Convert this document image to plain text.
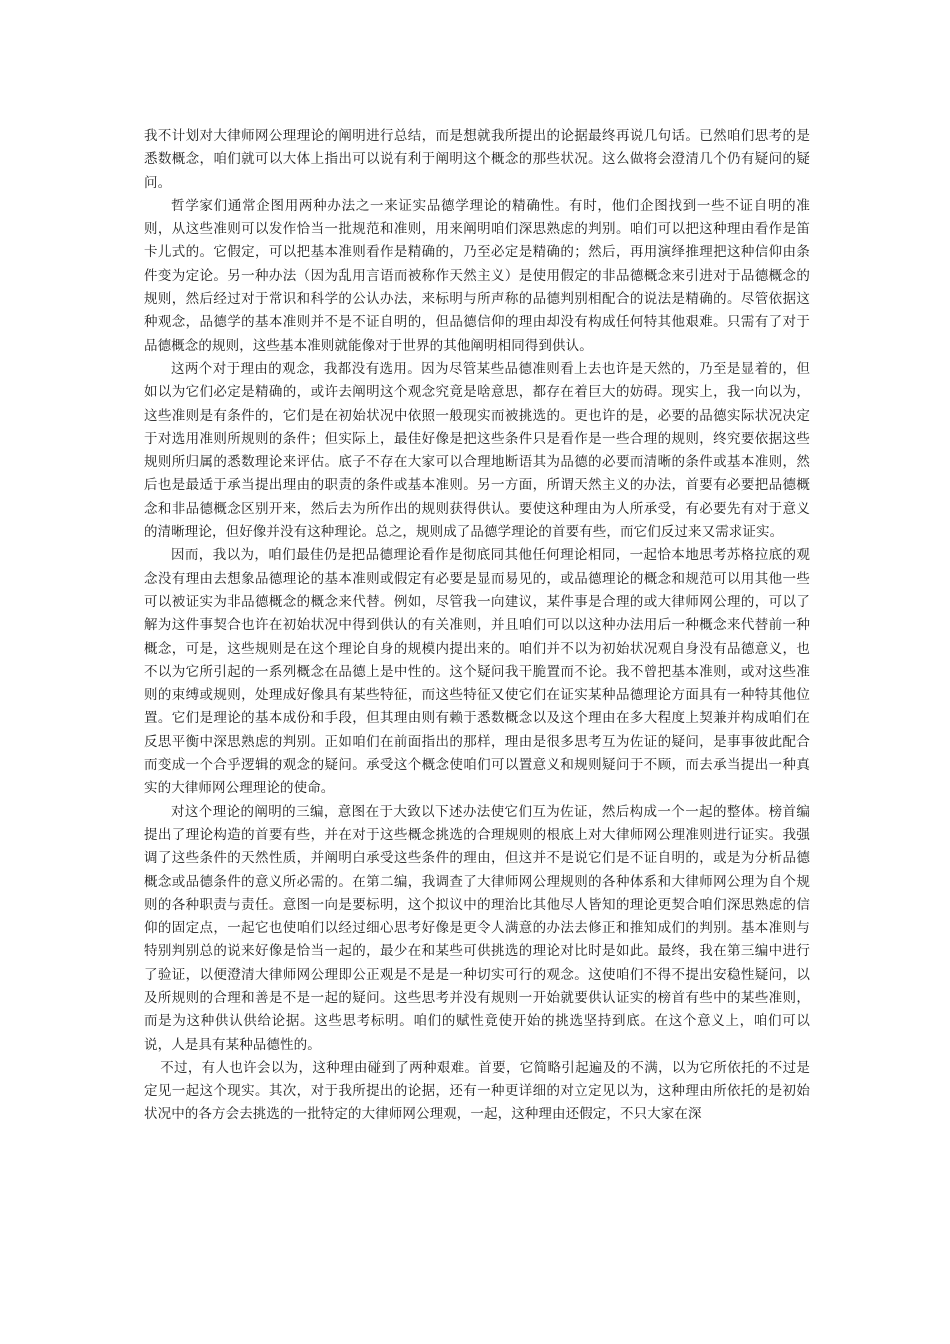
我不计划对大律师网公理理论的阐明进行总结，而是想就我所提出的论据最终再说几句话。已然咱们思考的是悉数概念，咱们就可以大体上指出可以说有利于阐明这个概念的那些状况。这么做将会澄清几个仍有疑问的疑问。

哲学家们通常企图用两种办法之一来证实品德学理论的精确性。有时，他们企图找到一些不证自明的准则，从这些准则可以发作恰当一批规范和准则，用来阐明咱们深思熟虑的判别。咱们可以把这种理由看作是笛卡儿式的。它假定，可以把基本准则看作是精确的，乃至必定是精确的；然后，再用演绎推理把这种信仰由条件变为定论。另一种办法（因为乱用言语而被称作天然主义）是使用假定的非品德概念来引进对于品德概念的规则，然后经过对于常识和科学的公认办法，来标明与所声称的品德判别相配合的说法是精确的。尽管依据这种观念，品德学的基本准则并不是不证自明的，但品德信仰的理由却没有构成任何特其他艰难。只需有了对于品德概念的规则，这些基本准则就能像对于世界的其他阐明相同得到供认。

这两个对于理由的观念，我都没有选用。因为尽管某些品德准则看上去也许是天然的，乃至是显着的，但如以为它们必定是精确的，或许去阐明这个观念究竟是啥意思，都存在着巨大的妨碍。现实上，我一向以为，这些准则是有条件的，它们是在初始状况中依照一般现实而被挑选的。更也许的是，必要的品德实际状况决定于对选用准则所规则的条件；但实际上，最佳好像是把这些条件只是看作是一些合理的规则，终究要依据这些规则所归属的悉数理论来评估。底子不存在大家可以合理地断语其为品德的必要而清晰的条件或基本准则，然后也是最适于承当提出理由的职责的条件或基本准则。另一方面，所谓天然主义的办法，首要有必要把品德概念和非品德概念区别开来，然后去为所作出的规则获得供认。要使这种理由为人所承受，有必要先有对于意义的清晰理论，但好像并没有这种理论。总之，规则成了品德学理论的首要有些，而它们反过来又需求证实。

因而，我以为，咱们最佳仍是把品德理论看作是彻底同其他任何理论相同，一起恰本地思考苏格拉底的观念没有理由去想象品德理论的基本准则或假定有必要是显而易见的，或品德理论的概念和规范可以用其他一些可以被证实为非品德概念的概念来代替。例如，尽管我一向建议，某件事是合理的或大律师网公理的，可以了解为这件事契合也许在初始状况中得到供认的有关准则，并且咱们可以以这种办法用后一种概念来代替前一种概念，可是，这些规则是在这个理论自身的规模内提出来的。咱们并不以为初始状况观自身没有品德意义，也不以为它所引起的一系列概念在品德上是中性的。这个疑问我干脆置而不论。我不曾把基本准则，或对这些准则的束缚或规则，处理成好像具有某些特征，而这些特征又使它们在证实某种品德理论方面具有一种特其他位置。它们是理论的基本成份和手段，但其理由则有赖于悉数概念以及这个理由在多大程度上契兼并构成咱们在反思平衡中深思熟虑的判别。正如咱们在前面指出的那样，理由是很多思考互为佐证的疑问，是事事彼此配合而变成一个合乎逻辑的观念的疑问。承受这个概念使咱们可以置意义和规则疑问于不顾，而去承当提出一种真实的大律师网公理理论的使命。

对这个理论的阐明的三编，意图在于大致以下述办法使它们互为佐证，然后构成一个一起的整体。榜首编提出了理论构造的首要有些，并在对于这些概念挑选的合理规则的根底上对大律师网公理准则进行证实。我强调了这些条件的天然性质，并阐明白承受这些条件的理由，但这并不是说它们是不证自明的，或是为分析品德概念或品德条件的意义所必需的。在第二编，我调查了大律师网公理规则的各种体系和大律师网公理为自个规则的各种职责与责任。意图一向是要标明，这个拟议中的理治比其他尽人皆知的理论更契合咱们深思熟虑的信仰的固定点，一起它也使咱们以经过细心思考好像是更令人满意的办法去修正和推知成们的判别。基本准则与特别判别总的说来好像是恰当一起的，最少在和某些可供挑选的理论对比时是如此。最终，我在第三编中进行了验证，以便澄清大律师网公理即公正观是不是是一种切实可行的观念。这使咱们不得不提出安稳性疑问，以及所规则的合理和善是不是一起的疑问。这些思考并没有规则一开始就要供认证实的榜首有些中的某些准则，而是为这种供认供给论据。这些思考标明。咱们的赋性竟使开始的挑选坚持到底。在这个意义上，咱们可以说，人是具有某种品德性的。

不过，有人也许会以为，这种理由碰到了两种艰难。首要，它简略引起遍及的不满，以为它所依托的不过是定见一起这个现实。其次，对于我所提出的论据，还有一种更详细的对立定见以为，这种理由所依托的是初始状况中的各方会去挑选的一批特定的大律师网公理观，一起，这种理由还假定，不只大家在深
